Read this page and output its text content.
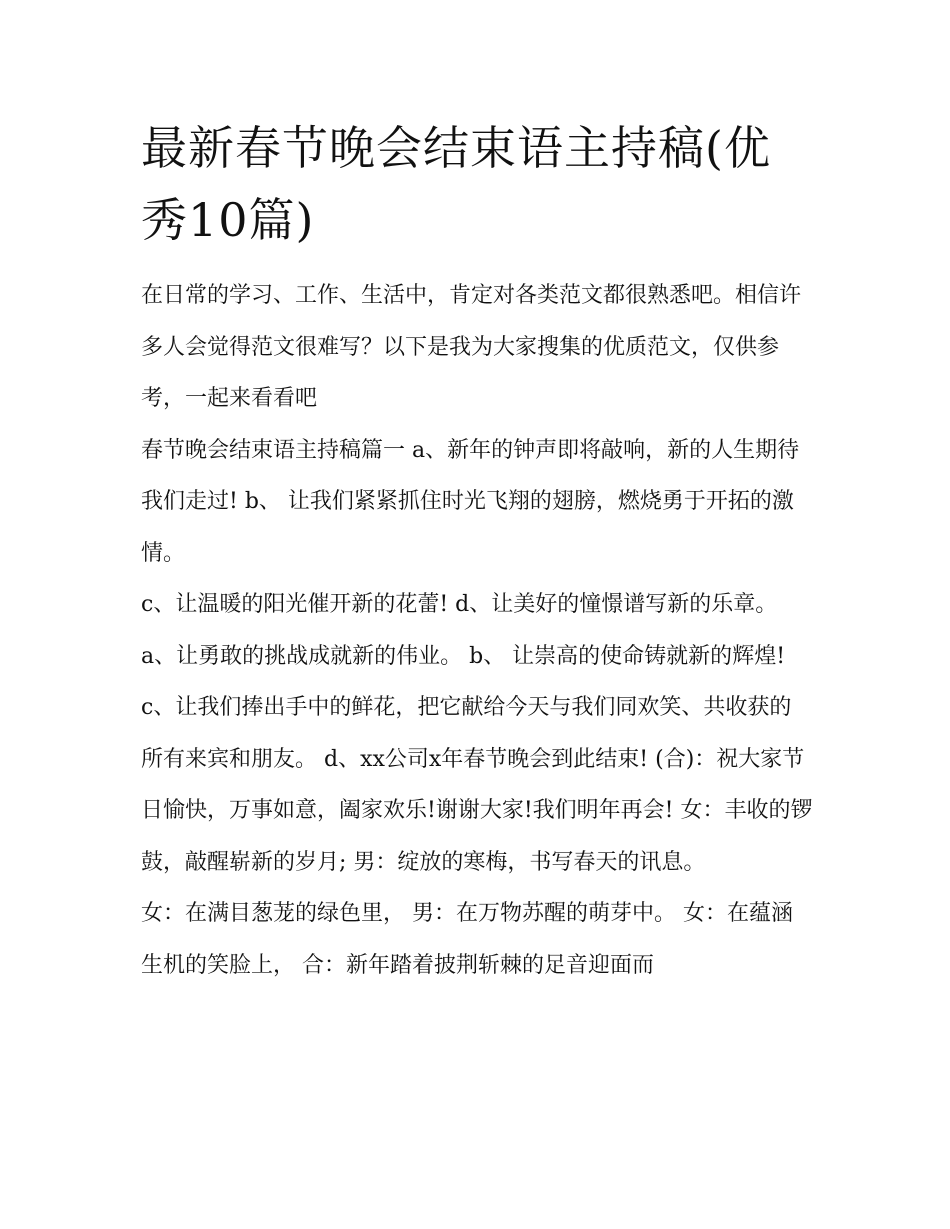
最新春节晚会结束语主持稿(优秀10篇)

在日常的学习、工作、生活中，肯定对各类范文都很熟悉吧。相信许多人会觉得范文很难写？以下是我为大家搜集的优质范文，仅供参考，一起来看看吧

春节晚会结束语主持稿篇一 a、新年的钟声即将敲响，新的人生期待我们走过! b、 让我们紧紧抓住时光飞翔的翅膀，燃烧勇于开拓的激情。

c、让温暖的阳光催开新的花蕾! d、让美好的憧憬谱写新的乐章。 a、让勇敢的挑战成就新的伟业。 b、 让崇高的使命铸就新的辉煌!

c、让我们捧出手中的鲜花，把它献给今天与我们同欢笑、共收获的所有来宾和朋友。 d、xx公司x年春节晚会到此结束! (合)：祝大家节日愉快，万事如意，阖家欢乐!谢谢大家!我们明年再会! 女：丰收的锣鼓，敲醒崭新的岁月; 男：绽放的寒梅，书写春天的讯息。

女：在满目葱茏的绿色里， 男：在万物苏醒的萌芽中。 女：在蕴涵生机的笑脸上， 合：新年踏着披荆斩棘的足音迎面而
